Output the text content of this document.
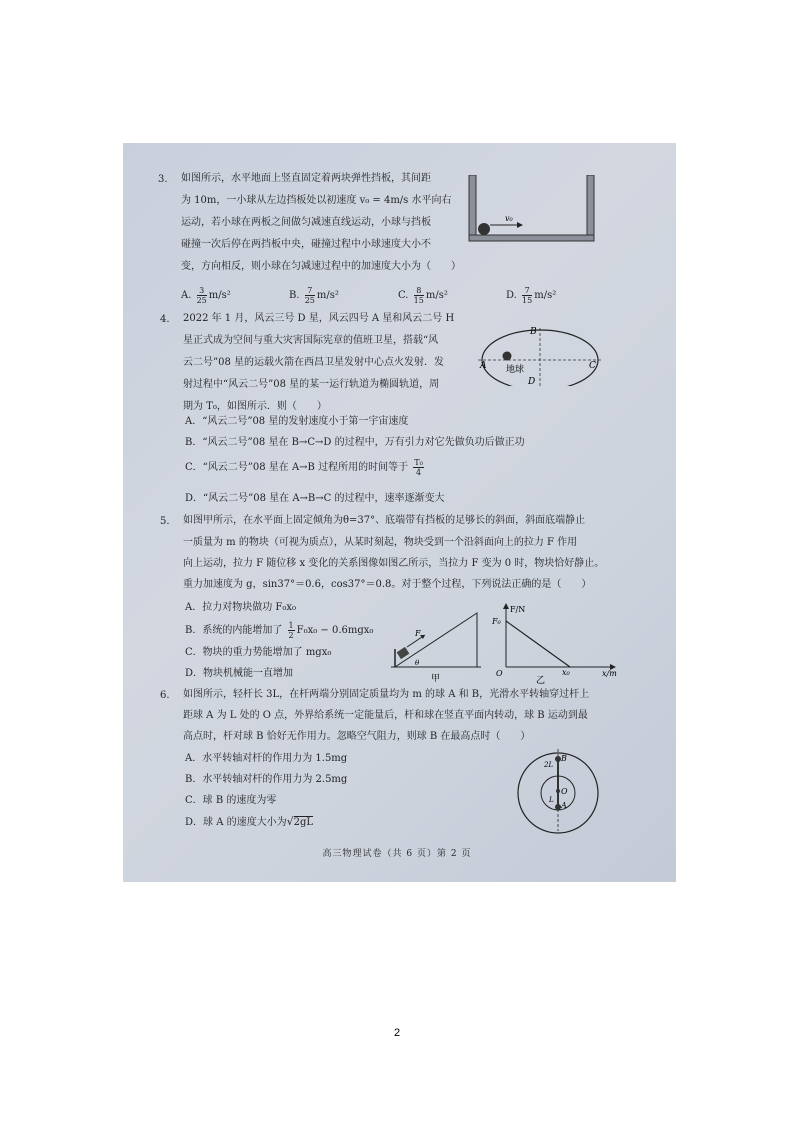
3. 如图所示，水平地面上竖直固定着两块弹性挡板，其间距
为 10m，一小球从左边挡板处以初速度 v₀ = 4m/s 水平向右
运动，若小球在两板之间做匀减速直线运动，小球与挡板
碰撞一次后停在两挡板中央，碰撞过程中小球速度大小不
变，方向相反，则小球在匀减速过程中的加速度大小为（　　）
v₀
A. $\frac{3}{25} m/s^2$	B. $\frac{7}{25} m/s^2$	C. $\frac{8}{15} m/s^2$	D. $\frac{7}{15} m/s^2$
4. 2022 年 1 月，风云三号 D 星，风云四号 A 星和风云二号 H
星正式成为空间与重大灾害国际宪章的值班卫星，搭载“风
云二号”08 星的运载火箭在西昌卫星发射中心点火发射．发
射过程中“风云二号”08 星的某一运行轨道为椭圆轨道，周
期为 T₀，如图所示．则（　　）
A
B
C
D
地球
A．“风云二号”08 星的发射速度小于第一宇宙速度
B．“风云二号”08 星在 B→C→D 的过程中，万有引力对它先做负功后做正功
C．“风云二号”08 星在 A→B 过程所用的时间等于 $\frac{\text{T₀}}{4}$
D．“风云二号”08 星在 A→B→C 的过程中，速率逐渐变大
5. 如图甲所示，在水平面上固定倾角为θ=37°、底端带有挡板的足够长的斜面，斜面底端静止
一质量为 m 的物块（可视为质点），从某时刻起，物块受到一个沿斜面向上的拉力 F 作用
向上运动，拉力 F 随位移 x 变化的关系图像如图乙所示，当拉力 F 变为 0 时，物块恰好静止。
重力加速度为 g，sin37°＝0.6，cos37°＝0.8。对于整个过程，下列说法正确的是（　　）
A．拉力对物块做功 F₀x₀
B．系统的内能增加了 $\frac{1}{2} F_0x_0 - 0.6mgx_0$
C．物块的重力势能增加了 mgx₀
D．物块机械能一直增加
F
θ
甲
F/N
F₀
O	x₀	x/m
乙
6. 如图所示，轻杆长 3L，在杆两端分别固定质量均为 m 的球 A 和 B，光滑水平转轴穿过杆上
距球 A 为 L 处的 O 点，外界给系统一定能量后，杆和球在竖直平面内转动，球 B 运动到最
高点时，杆对球 B 恰好无作用力。忽略空气阻力，则球 B 在最高点时（　　）
A．水平转轴对杆的作用力为 1.5mg
B．水平转轴对杆的作用力为 2.5mg
C．球 B 的速度为零
D．球 A 的速度大小为√2gL
B
O
A
2L
L
高三物理试卷（共 6 页）第 2 页
2
